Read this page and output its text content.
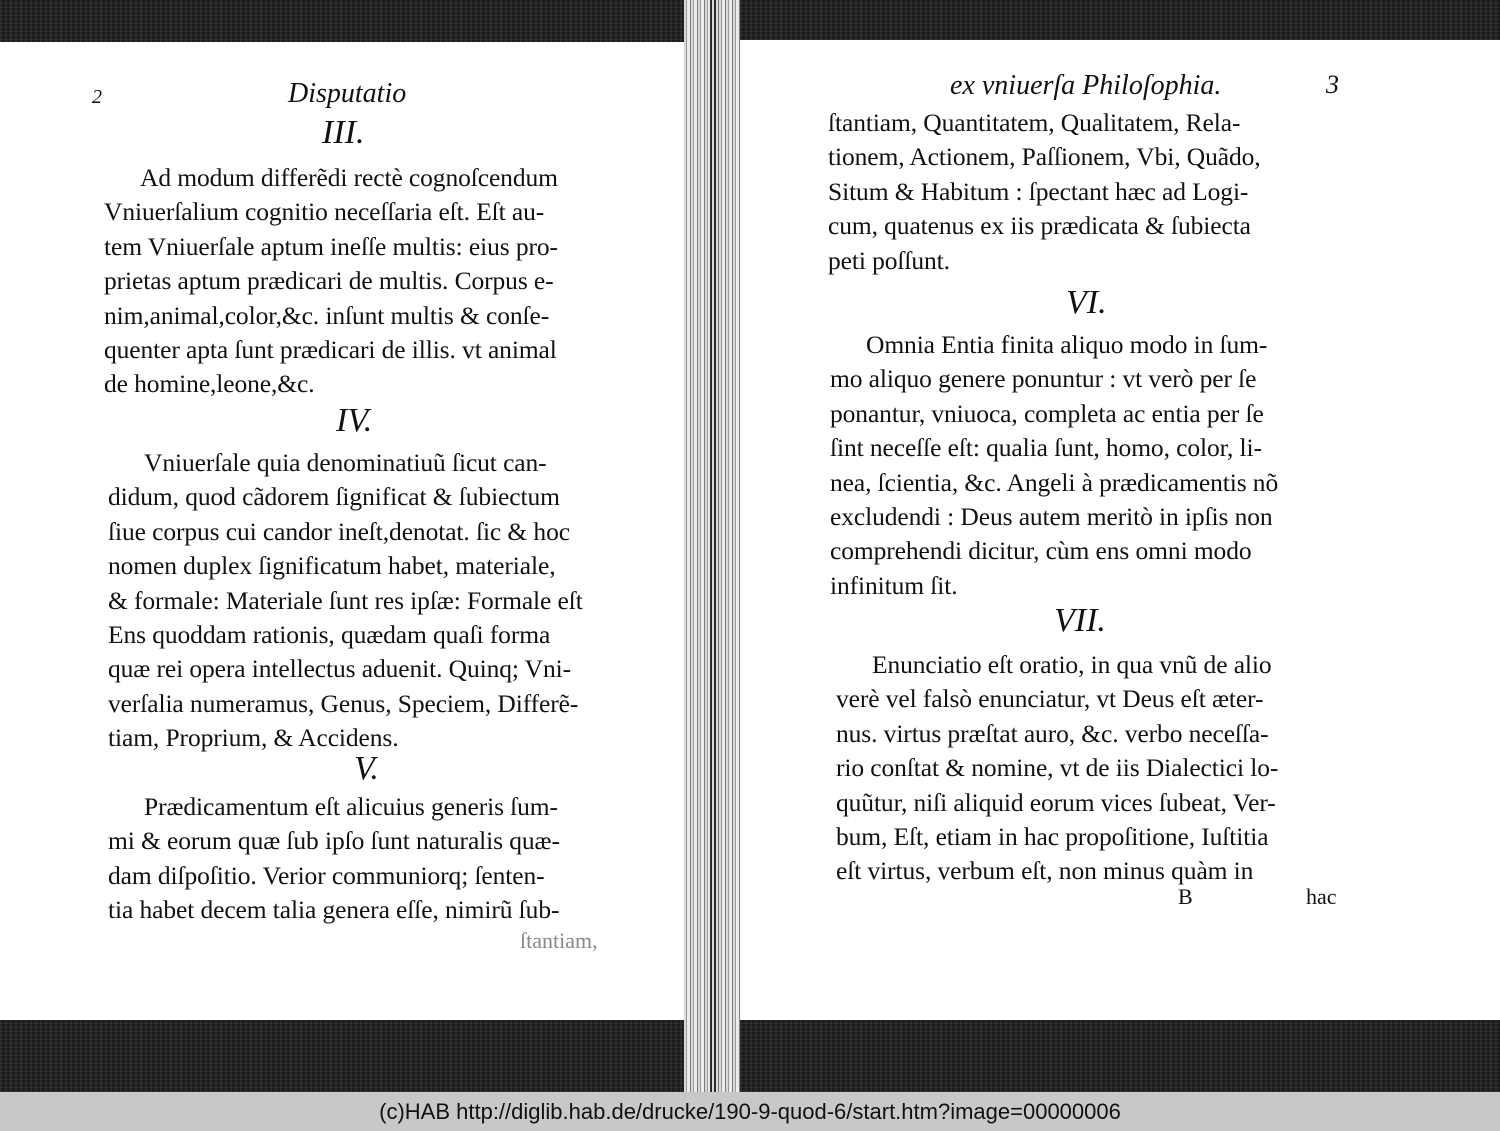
2	Disputatio
III.
Ad modum differẽdi rectè cognoſcendum
Vniuerſalium cognitio neceſſaria eſt. Eſt au-
tem Vniuerſale aptum ineſſe multis: eius pro-
prietas aptum prædicari de multis. Corpus e-
nim,animal,color,&c. inſunt multis & conſe-
quenter apta ſunt prædicari de illis. vt animal
de homine,leone,&c.
IV.
Vniuerſale quia denominatiuũ ſicut can-
didum, quod cãdorem ſignificat & ſubiectum
ſiue corpus cui candor ineſt,denotat. ſic & hoc
nomen duplex ſignificatum habet, materiale,
& formale: Materiale ſunt res ipſæ: Formale eſt
Ens quoddam rationis, quædam quaſi forma
quæ rei opera intellectus aduenit. Quinq; Vni-
verſalia numeramus, Genus, Speciem, Differẽ-
tiam, Proprium, & Accidens.
V.
Prædicamentum eſt alicuius generis ſum-
mi & eorum quæ ſub ipſo ſunt naturalis quæ-
dam diſpoſitio. Verior communiorq; ſenten-
tia habet decem talia genera eſſe, nimirũ ſub-
ſtantiam,
ex vniuerſa Philoſophia.	3
ſtantiam, Quantitatem, Qualitatem, Rela-
tionem, Actionem, Paſſionem, Vbi, Quãdo,
Situm & Habitum : ſpectant hæc ad Logi-
cum, quatenus ex iis prædicata & ſubiecta
peti poſſunt.
VI.
Omnia Entia finita aliquo modo in ſum-
mo aliquo genere ponuntur : vt verò per ſe
ponantur, vniuoca, completa ac entia per ſe
ſint neceſſe eſt: qualia ſunt, homo, color, li-
nea, ſcientia, &c. Angeli à prædicamentis nõ
excludendi : Deus autem meritò in ipſis non
comprehendi dicitur, cùm ens omni modo
infinitum ſit.
VII.
Enunciatio eſt oratio, in qua vnũ de alio
verè vel falsò enunciatur, vt Deus eſt æter-
nus. virtus præſtat auro, &c. verbo neceſſa-
rio conſtat & nomine, vt de iis Dialectici lo-
quũtur, niſi aliquid eorum vices ſubeat, Ver-
bum, Eſt, etiam in hac propoſitione, Iuſtitia
eſt virtus, verbum eſt, non minus quàm in
B	hac
(c)HAB http://diglib.hab.de/drucke/190-9-quod-6/start.htm?image=00000006
